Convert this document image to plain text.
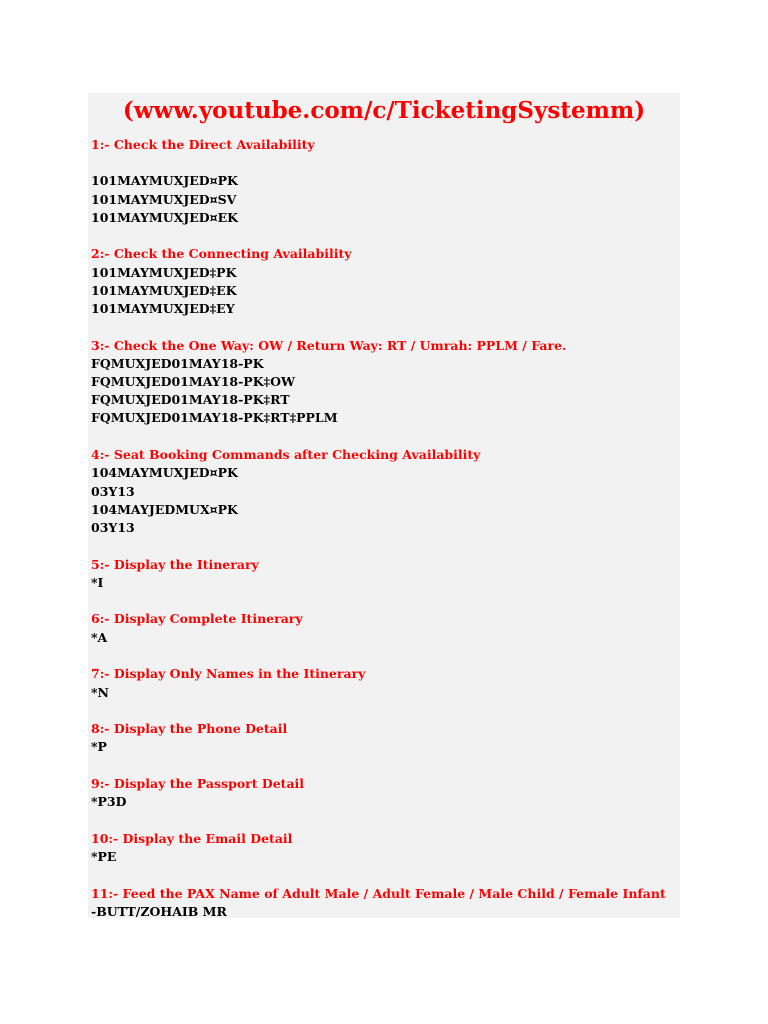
(www.youtube.com/c/TicketingSystemm)
1:- Check the Direct Availability
101MAYMUXJED¤PK
101MAYMUXJED¤SV
101MAYMUXJED¤EK
2:- Check the Connecting Availability
101MAYMUXJED‡PK
101MAYMUXJED‡EK
101MAYMUXJED‡EY
3:- Check the One Way: OW / Return Way: RT / Umrah: PPLM / Fare.
FQMUXJED01MAY18-PK
FQMUXJED01MAY18-PK‡OW
FQMUXJED01MAY18-PK‡RT
FQMUXJED01MAY18-PK‡RT‡PPLM
4:- Seat Booking Commands after Checking Availability
104MAYMUXJED¤PK
03Y13
104MAYJEDMUX¤PK
03Y13
5:- Display the Itinerary
*I
6:- Display Complete Itinerary
*A
7:- Display Only Names in the Itinerary
*N
8:- Display the Phone Detail
*P
9:- Display the Passport Detail
*P3D
10:- Display the Email Detail
*PE
11:- Feed the PAX Name of Adult Male / Adult Female / Male Child / Female Infant
-BUTT/ZOHAIB MR
